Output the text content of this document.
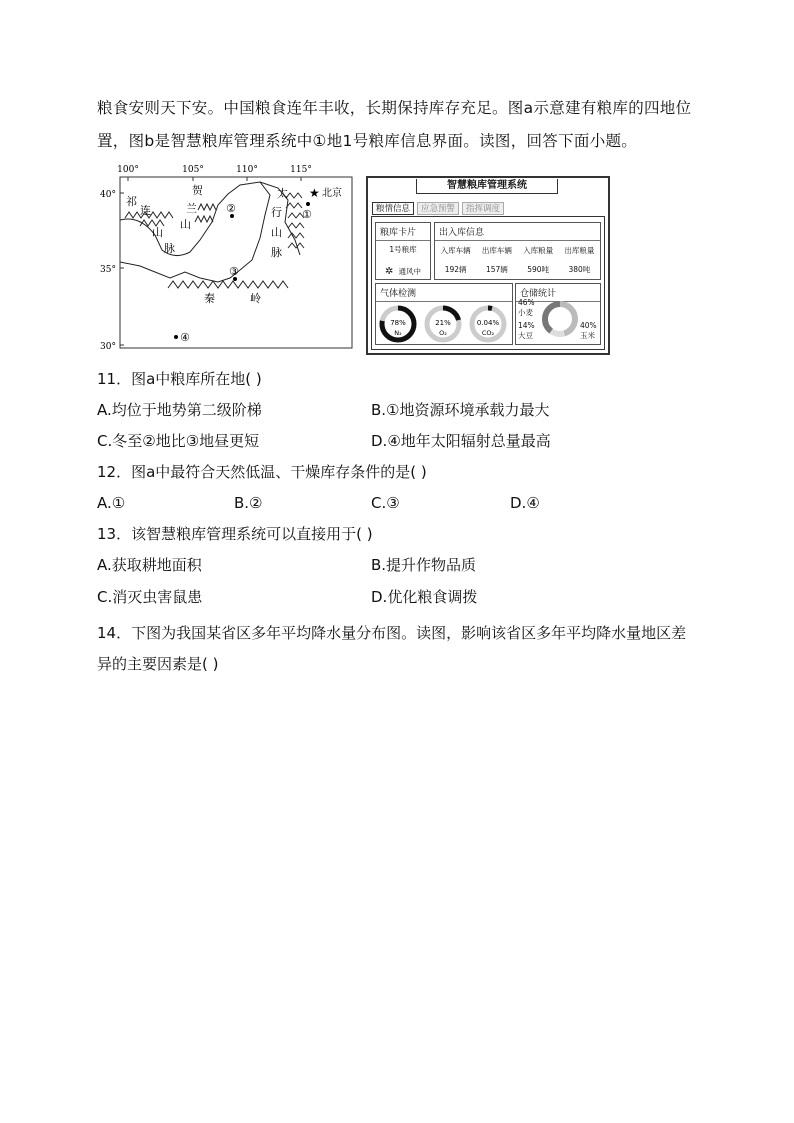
粮食安则天下安。中国粮食连年丰收，长期保持库存充足。图a示意建有粮库的四地位置，图b是智慧粮库管理系统中①地1号粮库信息界面。读图，回答下面小题。
100°	105°	110°	115°
40°
35°
30°
祁
连
山
脉
贺
兰
山
太
行
山
脉
秦	岭
★ 北京
①
②
③
④
智慧粮库管理系统
粮情信息	应急预警	指挥调度
粮库卡片
1号粮库
✲ 通风中
出入库信息
入库车辆 出库车辆 入库粮量 出库粮量
192辆	157辆	590吨	380吨
气体检测
78%
N₂
21%
O₂
0.04%
CO₂
仓储统计
46%
小麦
14%
大豆
40%
玉米
11．图a中粮库所在地( )
A.均位于地势第二级阶梯	B.①地资源环境承载力最大
C.冬至②地比③地昼更短	D.④地年太阳辐射总量最高
12．图a中最符合天然低温、干燥库存条件的是( )
A.①	B.②	C.③	D.④
13．该智慧粮库管理系统可以直接用于( )
A.获取耕地面积	B.提升作物品质
C.消灭虫害鼠患	D.优化粮食调拨
14．下图为我国某省区多年平均降水量分布图。读图，影响该省区多年平均降水量地区差异的主要因素是( )
